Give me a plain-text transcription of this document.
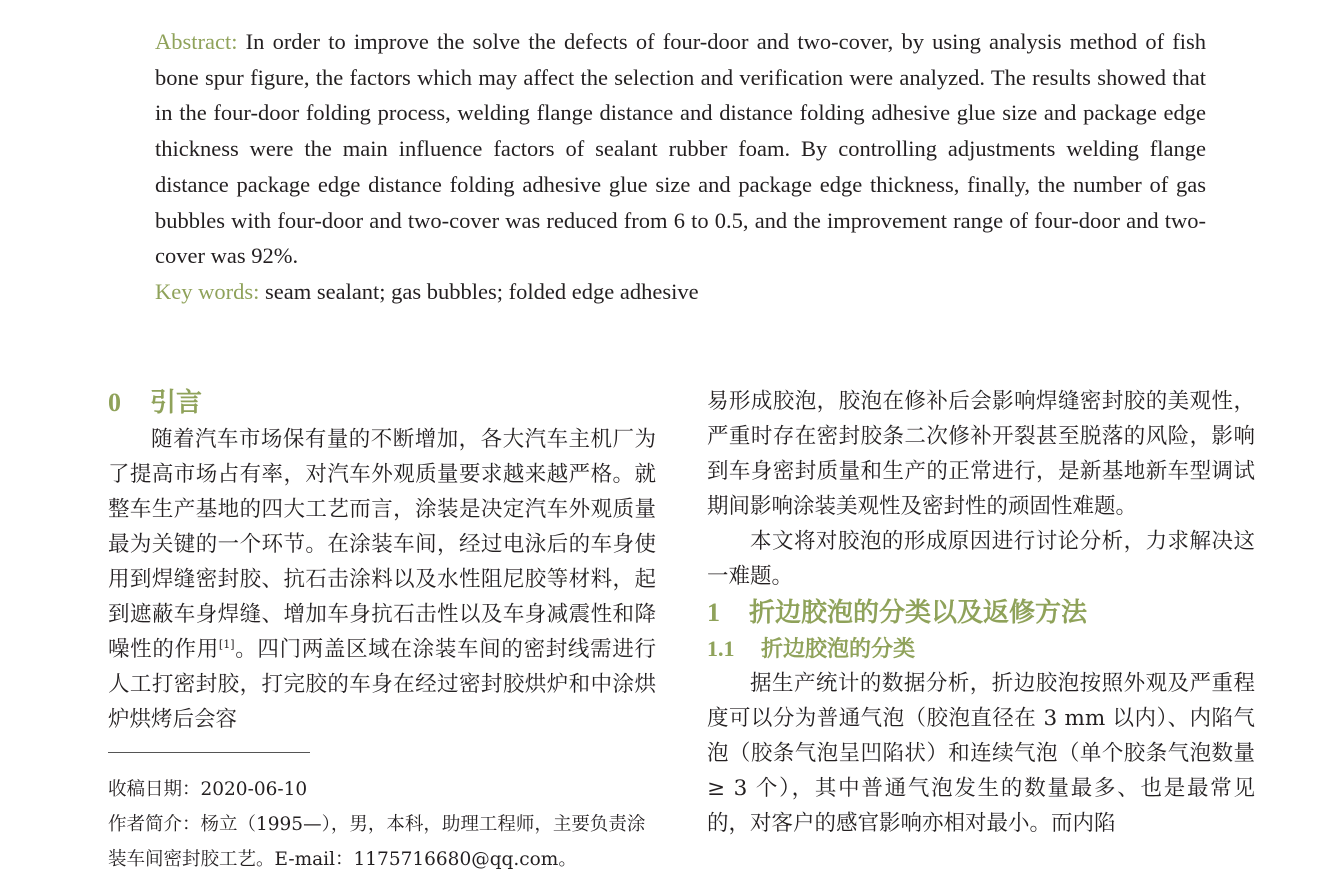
Abstract: In order to improve the solve the defects of four-door and two-cover, by using analysis method of fish bone spur figure, the factors which may affect the selection and verification were analyzed. The results showed that in the four-door folding process, welding flange distance and distance folding adhesive glue size and package edge thickness were the main influence factors of sealant rubber foam. By controlling adjustments welding flange distance package edge distance folding adhesive glue size and package edge thickness, finally, the number of gas bubbles with four-door and two-cover was reduced from 6 to 0.5, and the improvement range of four-door and two-cover was 92%.

Key words: seam sealant; gas bubbles; folded edge adhesive

0 引言

随着汽车市场保有量的不断增加，各大汽车主机厂为了提高市场占有率，对汽车外观质量要求越来越严格。就整车生产基地的四大工艺而言，涂装是决定汽车外观质量最为关键的一个环节。在涂装车间，经过电泳后的车身使用到焊缝密封胶、抗石击涂料以及水性阻尼胶等材料，起到遮蔽车身焊缝、增加车身抗石击性以及车身减震性和降噪性的作用[1]。四门两盖区域在涂装车间的密封线需进行人工打密封胶，打完胶的车身在经过密封胶烘炉和中涂烘炉烘烤后会容

收稿日期：2020-06-10

作者简介：杨立（1995—），男，本科，助理工程师，主要负责涂装车间密封胶工艺。E-mail：1175716680@qq.com。

易形成胶泡，胶泡在修补后会影响焊缝密封胶的美观性，严重时存在密封胶条二次修补开裂甚至脱落的风险，影响到车身密封质量和生产的正常进行，是新基地新车型调试期间影响涂装美观性及密封性的顽固性难题。

本文将对胶泡的形成原因进行讨论分析，力求解决这一难题。

1 折边胶泡的分类以及返修方法
1.1 折边胶泡的分类

据生产统计的数据分析，折边胶泡按照外观及严重程度可以分为普通气泡（胶泡直径在 3 mm 以内）、内陷气泡（胶条气泡呈凹陷状）和连续气泡（单个胶条气泡数量≥ 3 个），其中普通气泡发生的数量最多、也是最常见的，对客户的感官影响亦相对最小。而内陷
